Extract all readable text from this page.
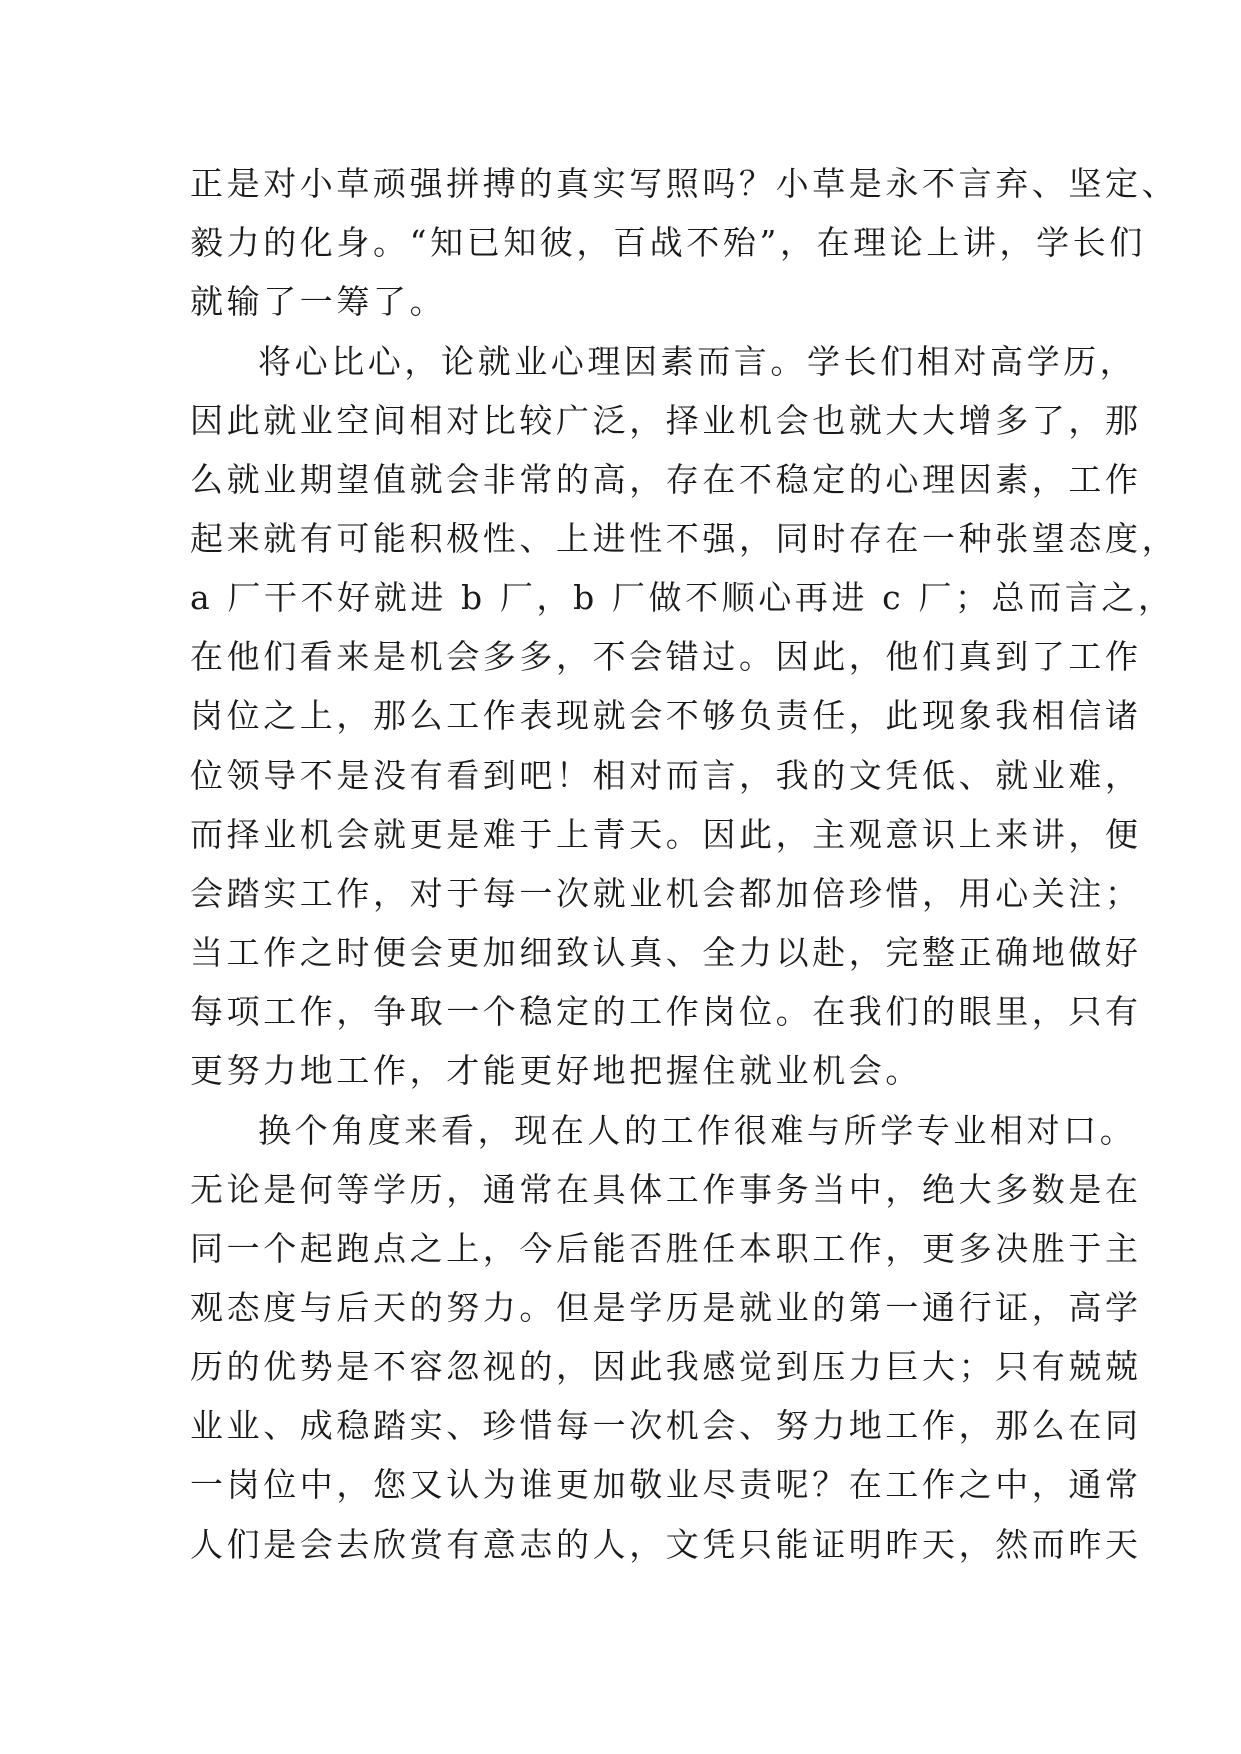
正是对小草顽强拼搏的真实写照吗？小草是永不言弃、坚定、
毅力的化身。“知已知彼，百战不殆”，在理论上讲，学长们
就输了一筹了。
将心比心，论就业心理因素而言。学长们相对高学历，
因此就业空间相对比较广泛，择业机会也就大大增多了，那
么就业期望值就会非常的高，存在不稳定的心理因素，工作
起来就有可能积极性、上进性不强，同时存在一种张望态度，
a 厂干不好就进 b 厂，b 厂做不顺心再进 c 厂；总而言之，
在他们看来是机会多多，不会错过。因此，他们真到了工作
岗位之上，那么工作表现就会不够负责任，此现象我相信诸
位领导不是没有看到吧！相对而言，我的文凭低、就业难，
而择业机会就更是难于上青天。因此，主观意识上来讲，便
会踏实工作，对于每一次就业机会都加倍珍惜，用心关注；
当工作之时便会更加细致认真、全力以赴，完整正确地做好
每项工作，争取一个稳定的工作岗位。在我们的眼里，只有
更努力地工作，才能更好地把握住就业机会。
换个角度来看，现在人的工作很难与所学专业相对口。
无论是何等学历，通常在具体工作事务当中，绝大多数是在
同一个起跑点之上，今后能否胜任本职工作，更多决胜于主
观态度与后天的努力。但是学历是就业的第一通行证，高学
历的优势是不容忽视的，因此我感觉到压力巨大；只有兢兢
业业、成稳踏实、珍惜每一次机会、努力地工作，那么在同
一岗位中，您又认为谁更加敬业尽责呢？在工作之中，通常
人们是会去欣赏有意志的人，文凭只能证明昨天，然而昨天
